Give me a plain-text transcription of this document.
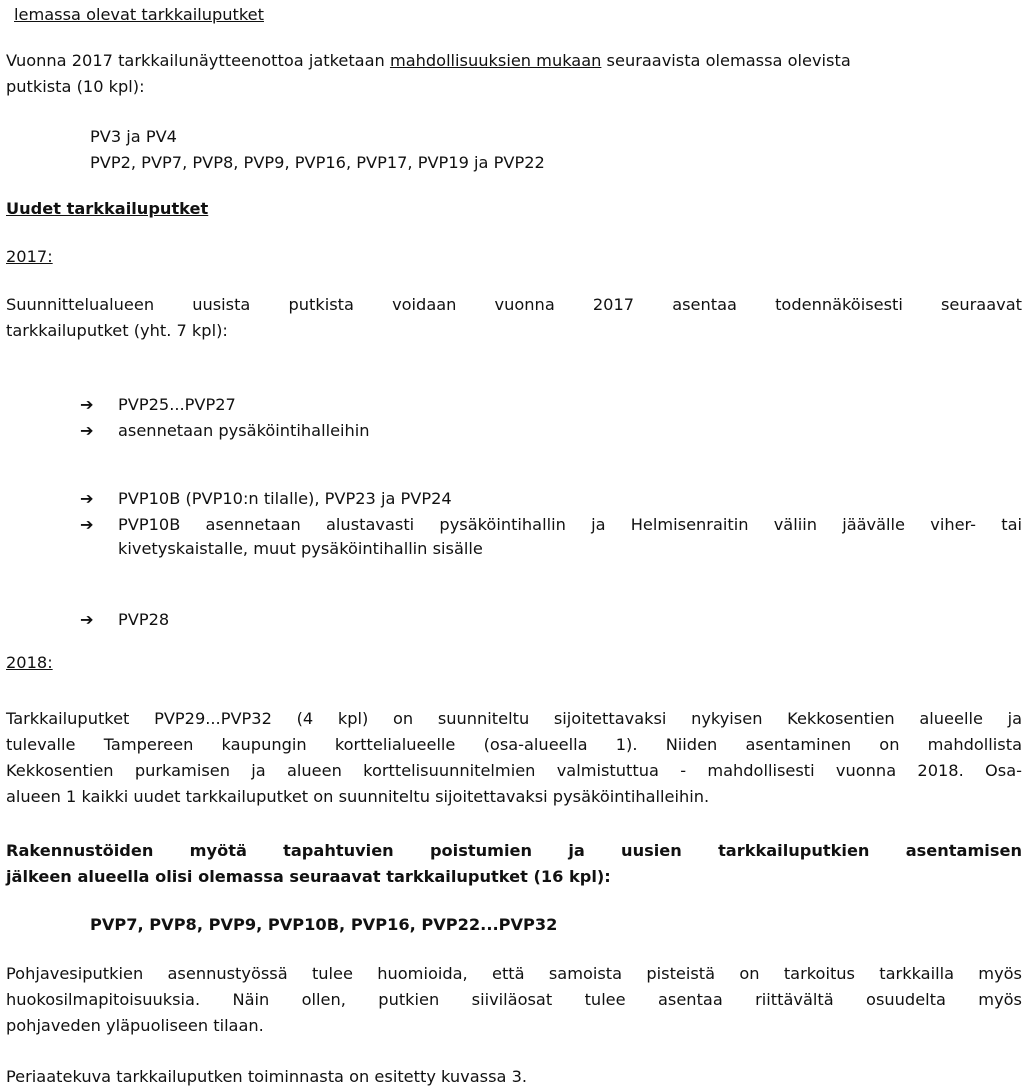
lemassa olevat tarkkailuputket
Vuonna 2017 tarkkailunäytteenottoa jatketaan mahdollisuuksien mukaan seuraavista olemassa olevista
putkista (10 kpl):
PV3 ja PV4
PVP2, PVP7, PVP8, PVP9, PVP16, PVP17, PVP19 ja PVP22
Uudet tarkkailuputket
2017:
Suunnittelualueen uusista putkista voidaan vuonna 2017 asentaa todennäköisesti seuraavat
tarkkailuputket (yht. 7 kpl):
➔	PVP25...PVP27
➔	asennetaan pysäköintihalleihin
➔	PVP10B (PVP10:n tilalle), PVP23 ja PVP24
➔	PVP10B asennetaan alustavasti pysäköintihallin ja Helmisenraitin väliin jäävälle viher- tai
kivetyskaistalle, muut pysäköintihallin sisälle
➔	PVP28
2018:
Tarkkailuputket PVP29...PVP32 (4 kpl) on suunniteltu sijoitettavaksi nykyisen Kekkosentien alueelle ja
tulevalle Tampereen kaupungin korttelialueelle (osa-alueella 1). Niiden asentaminen on mahdollista
Kekkosentien purkamisen ja alueen korttelisuunnitelmien valmistuttua - mahdollisesti vuonna 2018. Osa-
alueen 1 kaikki uudet tarkkailuputket on suunniteltu sijoitettavaksi pysäköintihalleihin.
Rakennustöiden myötä tapahtuvien poistumien ja uusien tarkkailuputkien asentamisen
jälkeen alueella olisi olemassa seuraavat tarkkailuputket (16 kpl):
PVP7, PVP8, PVP9, PVP10B, PVP16, PVP22...PVP32
Pohjavesiputkien asennustyössä tulee huomioida, että samoista pisteistä on tarkoitus tarkkailla myös
huokosilmapitoisuuksia. Näin ollen, putkien siiviläosat tulee asentaa riittävältä osuudelta myös
pohjaveden yläpuoliseen tilaan.
Periaatekuva tarkkailuputken toiminnasta on esitetty kuvassa 3.
